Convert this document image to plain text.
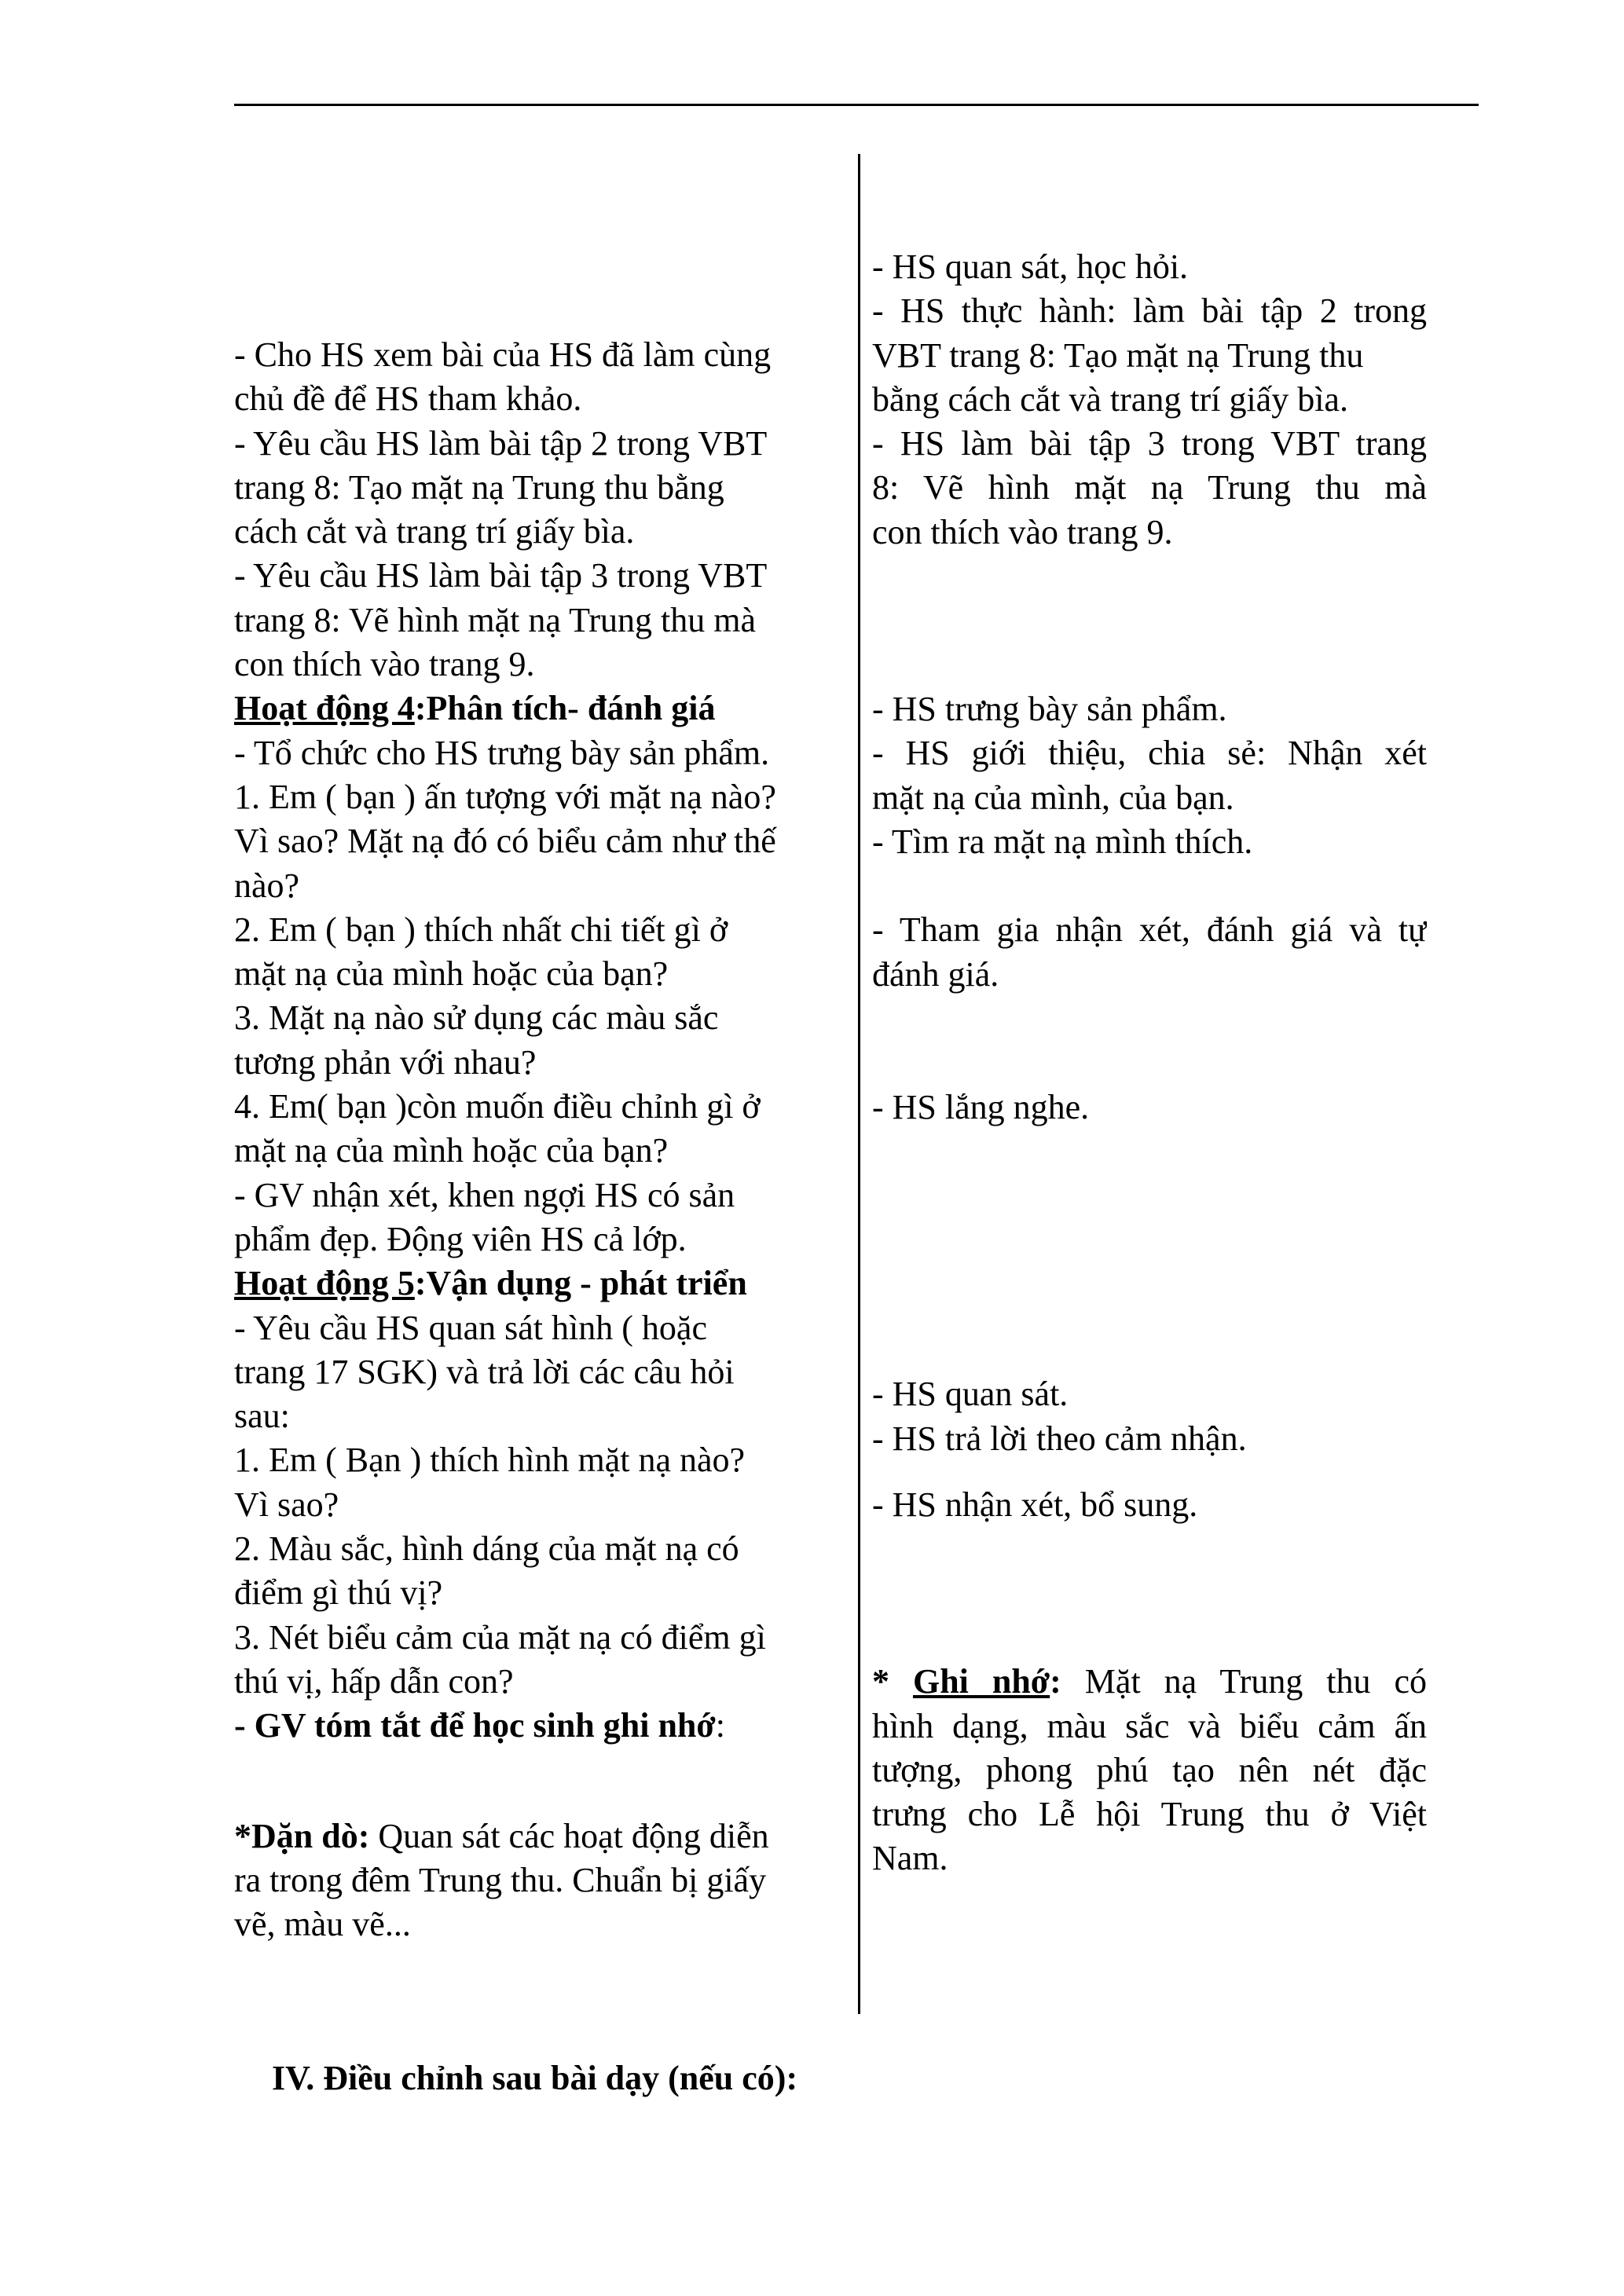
- Cho HS xem bài của HS đã làm cùng
chủ đề để HS tham khảo.
- Yêu cầu HS làm bài tập 2 trong VBT
trang 8: Tạo mặt nạ Trung thu bằng
cách cắt và trang trí giấy bìa.
- Yêu cầu HS làm bài tập 3 trong VBT
trang 8: Vẽ hình mặt nạ Trung thu mà
con thích vào trang 9.
Hoạt động 4:Phân tích- đánh giá
- Tổ chức cho HS trưng bày sản phẩm.
1. Em ( bạn ) ấn tượng với mặt nạ nào?
Vì sao? Mặt nạ đó có biểu cảm như thế
nào?
2. Em ( bạn ) thích nhất chi tiết gì ở
mặt nạ của mình hoặc của bạn?
3. Mặt nạ nào sử dụng các màu sắc
tương phản với nhau?
4. Em( bạn )còn muốn điều chỉnh gì ở
mặt nạ của mình hoặc của bạn?
- GV nhận xét, khen ngợi HS có sản
phẩm đẹp. Động viên HS cả lớp.
Hoạt động 5:Vận dụng - phát triển
- Yêu cầu HS quan sát hình ( hoặc
trang 17 SGK) và trả lời các câu hỏi
sau:
1. Em ( Bạn ) thích hình mặt nạ nào?
Vì sao?
2. Màu sắc, hình dáng của mặt nạ có
điểm gì thú vị?
3. Nét biểu cảm của mặt nạ có điểm gì
thú vị, hấp dẫn con?
- GV tóm tắt để học sinh ghi nhớ:
*Dặn dò: Quan sát các hoạt động diễn
ra trong đêm Trung thu. Chuẩn bị giấy
vẽ, màu vẽ...
- HS quan sát, học hỏi.
- HS thực hành: làm bài tập 2 trong
VBT trang 8: Tạo mặt nạ Trung thu
bằng cách cắt và trang trí giấy bìa.
- HS làm bài tập 3 trong VBT trang
8: Vẽ hình mặt nạ Trung thu mà
con thích vào trang 9.
- HS trưng bày sản phẩm.
- HS giới thiệu, chia sẻ: Nhận xét
mặt nạ của mình, của bạn.
- Tìm ra mặt nạ mình thích.
- Tham gia nhận xét, đánh giá và tự
đánh giá.
- HS lắng nghe.
- HS quan sát.
- HS trả lời theo cảm nhận.
- HS nhận xét, bổ sung.
* Ghi nhớ: Mặt nạ Trung thu có
hình dạng, màu sắc và biểu cảm ấn
tượng, phong phú tạo nên nét đặc
trưng cho Lễ hội Trung thu ở Việt
Nam.
IV. Điều chỉnh sau bài dạy (nếu có):
